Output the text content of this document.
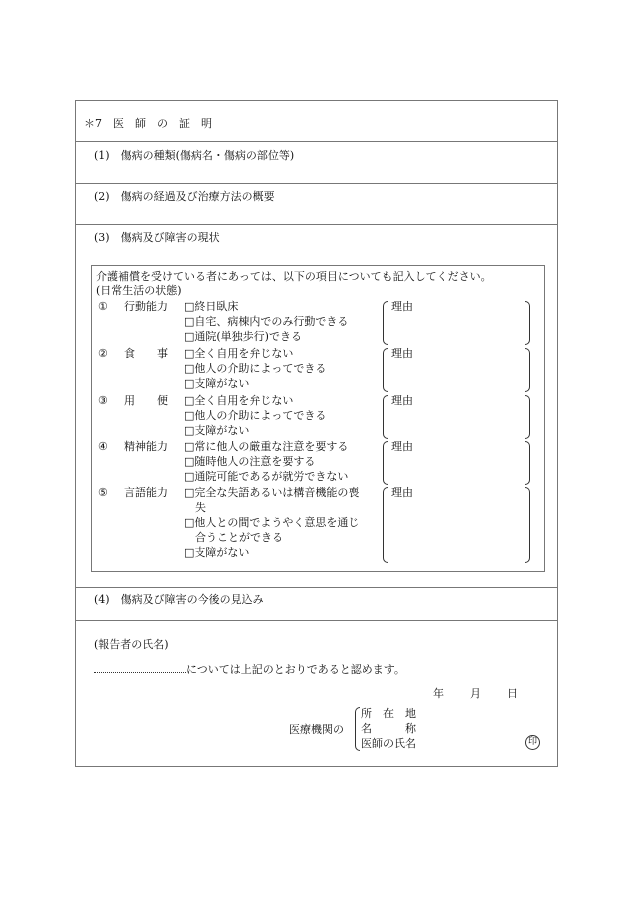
＊7　医　師　の　証　明
(1)　傷病の種類(傷病名・傷病の部位等)
(2)　傷病の経過及び治療方法の概要
(3)　傷病及び障害の現状
介護補償を受けている者にあっては、以下の項目についても記入してください。
(日常生活の状態)
① 行動能力 □終日臥床
□自宅、病棟内でのみ行動できる
□通院(単独歩行)できる
理由
② 食　　事 □全く自用を弁じない
□他人の介助によってできる
□支障がない
理由
③ 用　　便 □全く自用を弁じない
□他人の介助によってできる
□支障がない
理由
④ 精神能力 □常に他人の厳重な注意を要する
□随時他人の注意を要する
□通院可能であるが就労できない
理由
⑤ 言語能力 □完全な失語あるいは構音機能の喪
　失
□他人との間でようやく意思を通じ
　合うことができる
□支障がない
理由
(4)　傷病及び障害の今後の見込み
(報告者の氏名)
については上記のとおりであると認めます。
年 月 日
医療機関の
所　在　地
名　　　称
医師の氏名	印
